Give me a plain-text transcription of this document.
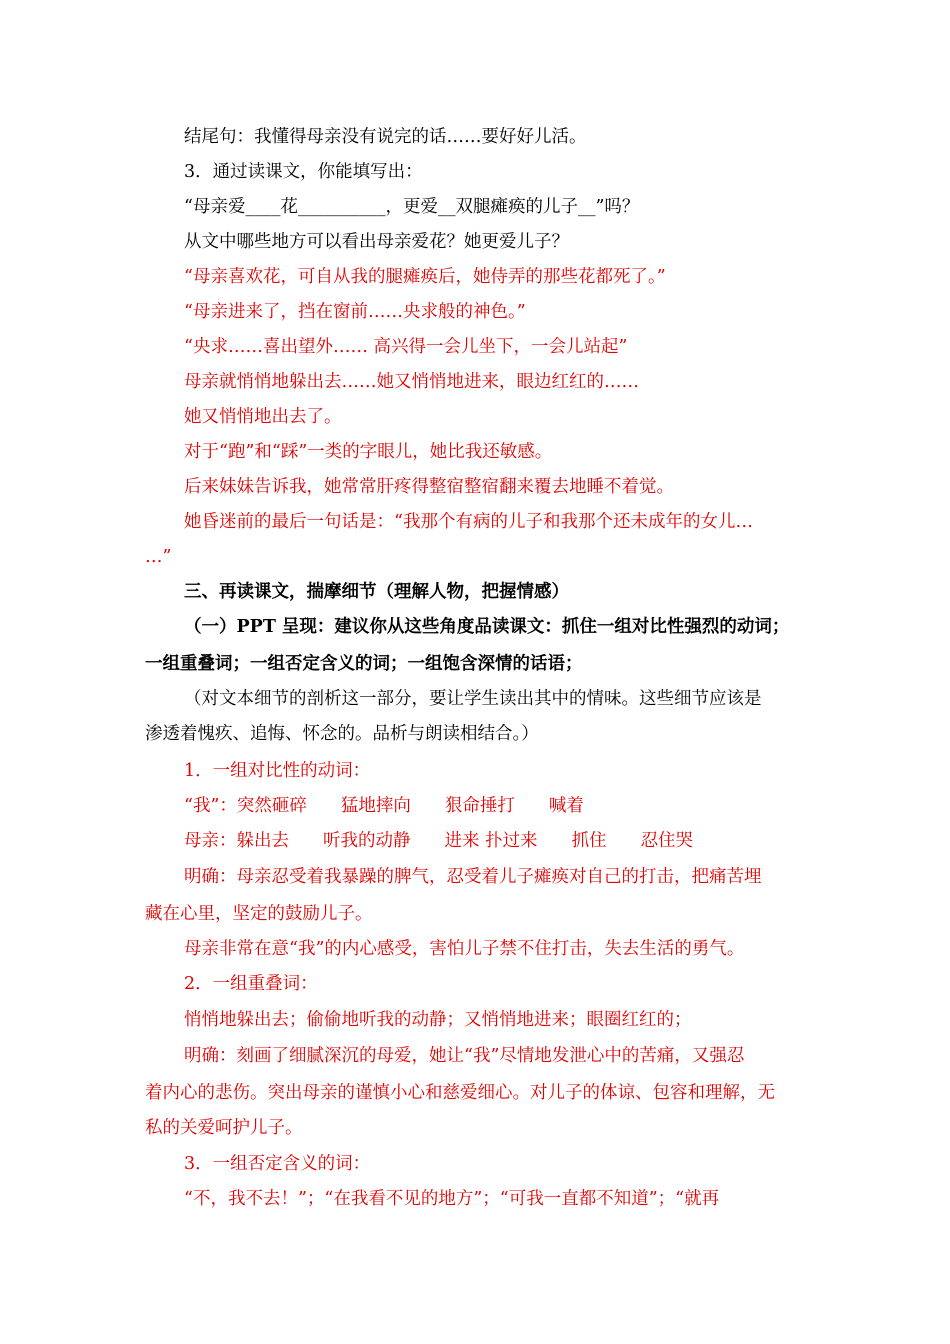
结尾句：我懂得母亲没有说完的话……要好好儿活。
3．通过读课文，你能填写出：
“母亲爱____花__________，更爱__双腿瘫痪的儿子__”吗？
从文中哪些地方可以看出母亲爱花？她更爱儿子？
“母亲喜欢花，可自从我的腿瘫痪后，她侍弄的那些花都死了。”
“母亲进来了，挡在窗前……央求般的神色。”
“央求……喜出望外…… 高兴得一会儿坐下，一会儿站起”
母亲就悄悄地躲出去……她又悄悄地进来，眼边红红的……
她又悄悄地出去了。
对于“跑”和“踩”一类的字眼儿，她比我还敏感。
后来妹妹告诉我，她常常肝疼得整宿整宿翻来覆去地睡不着觉。
她昏迷前的最后一句话是：“我那个有病的儿子和我那个还未成年的女儿…
…”
三、再读课文，揣摩细节（理解人物，把握情感）
（一）PPT 呈现：建议你从这些角度品读课文：抓住一组对比性强烈的动词；
一组重叠词；一组否定含义的词；一组饱含深情的话语；
（对文本细节的剖析这一部分，要让学生读出其中的情味。这些细节应该是
渗透着愧疚、追悔、怀念的。品析与朗读相结合。）
1．一组对比性的动词：
“我”：突然砸碎 猛地摔向 狠命捶打 喊着
母亲：躲出去 听我的动静 进来 扑过来 抓住 忍住哭
明确：母亲忍受着我暴躁的脾气，忍受着儿子瘫痪对自己的打击，把痛苦埋
藏在心里，坚定的鼓励儿子。
母亲非常在意“我”的内心感受，害怕儿子禁不住打击，失去生活的勇气。
2．一组重叠词：
悄悄地躲出去；偷偷地听我的动静；又悄悄地进来；眼圈红红的；
明确：刻画了细腻深沉的母爱，她让“我”尽情地发泄心中的苦痛，又强忍
着内心的悲伤。突出母亲的谨慎小心和慈爱细心。对儿子的体谅、包容和理解，无
私的关爱呵护儿子。
3．一组否定含义的词：
“不，我不去！”；“在我看不见的地方”；“可我一直都不知道”；“就再
